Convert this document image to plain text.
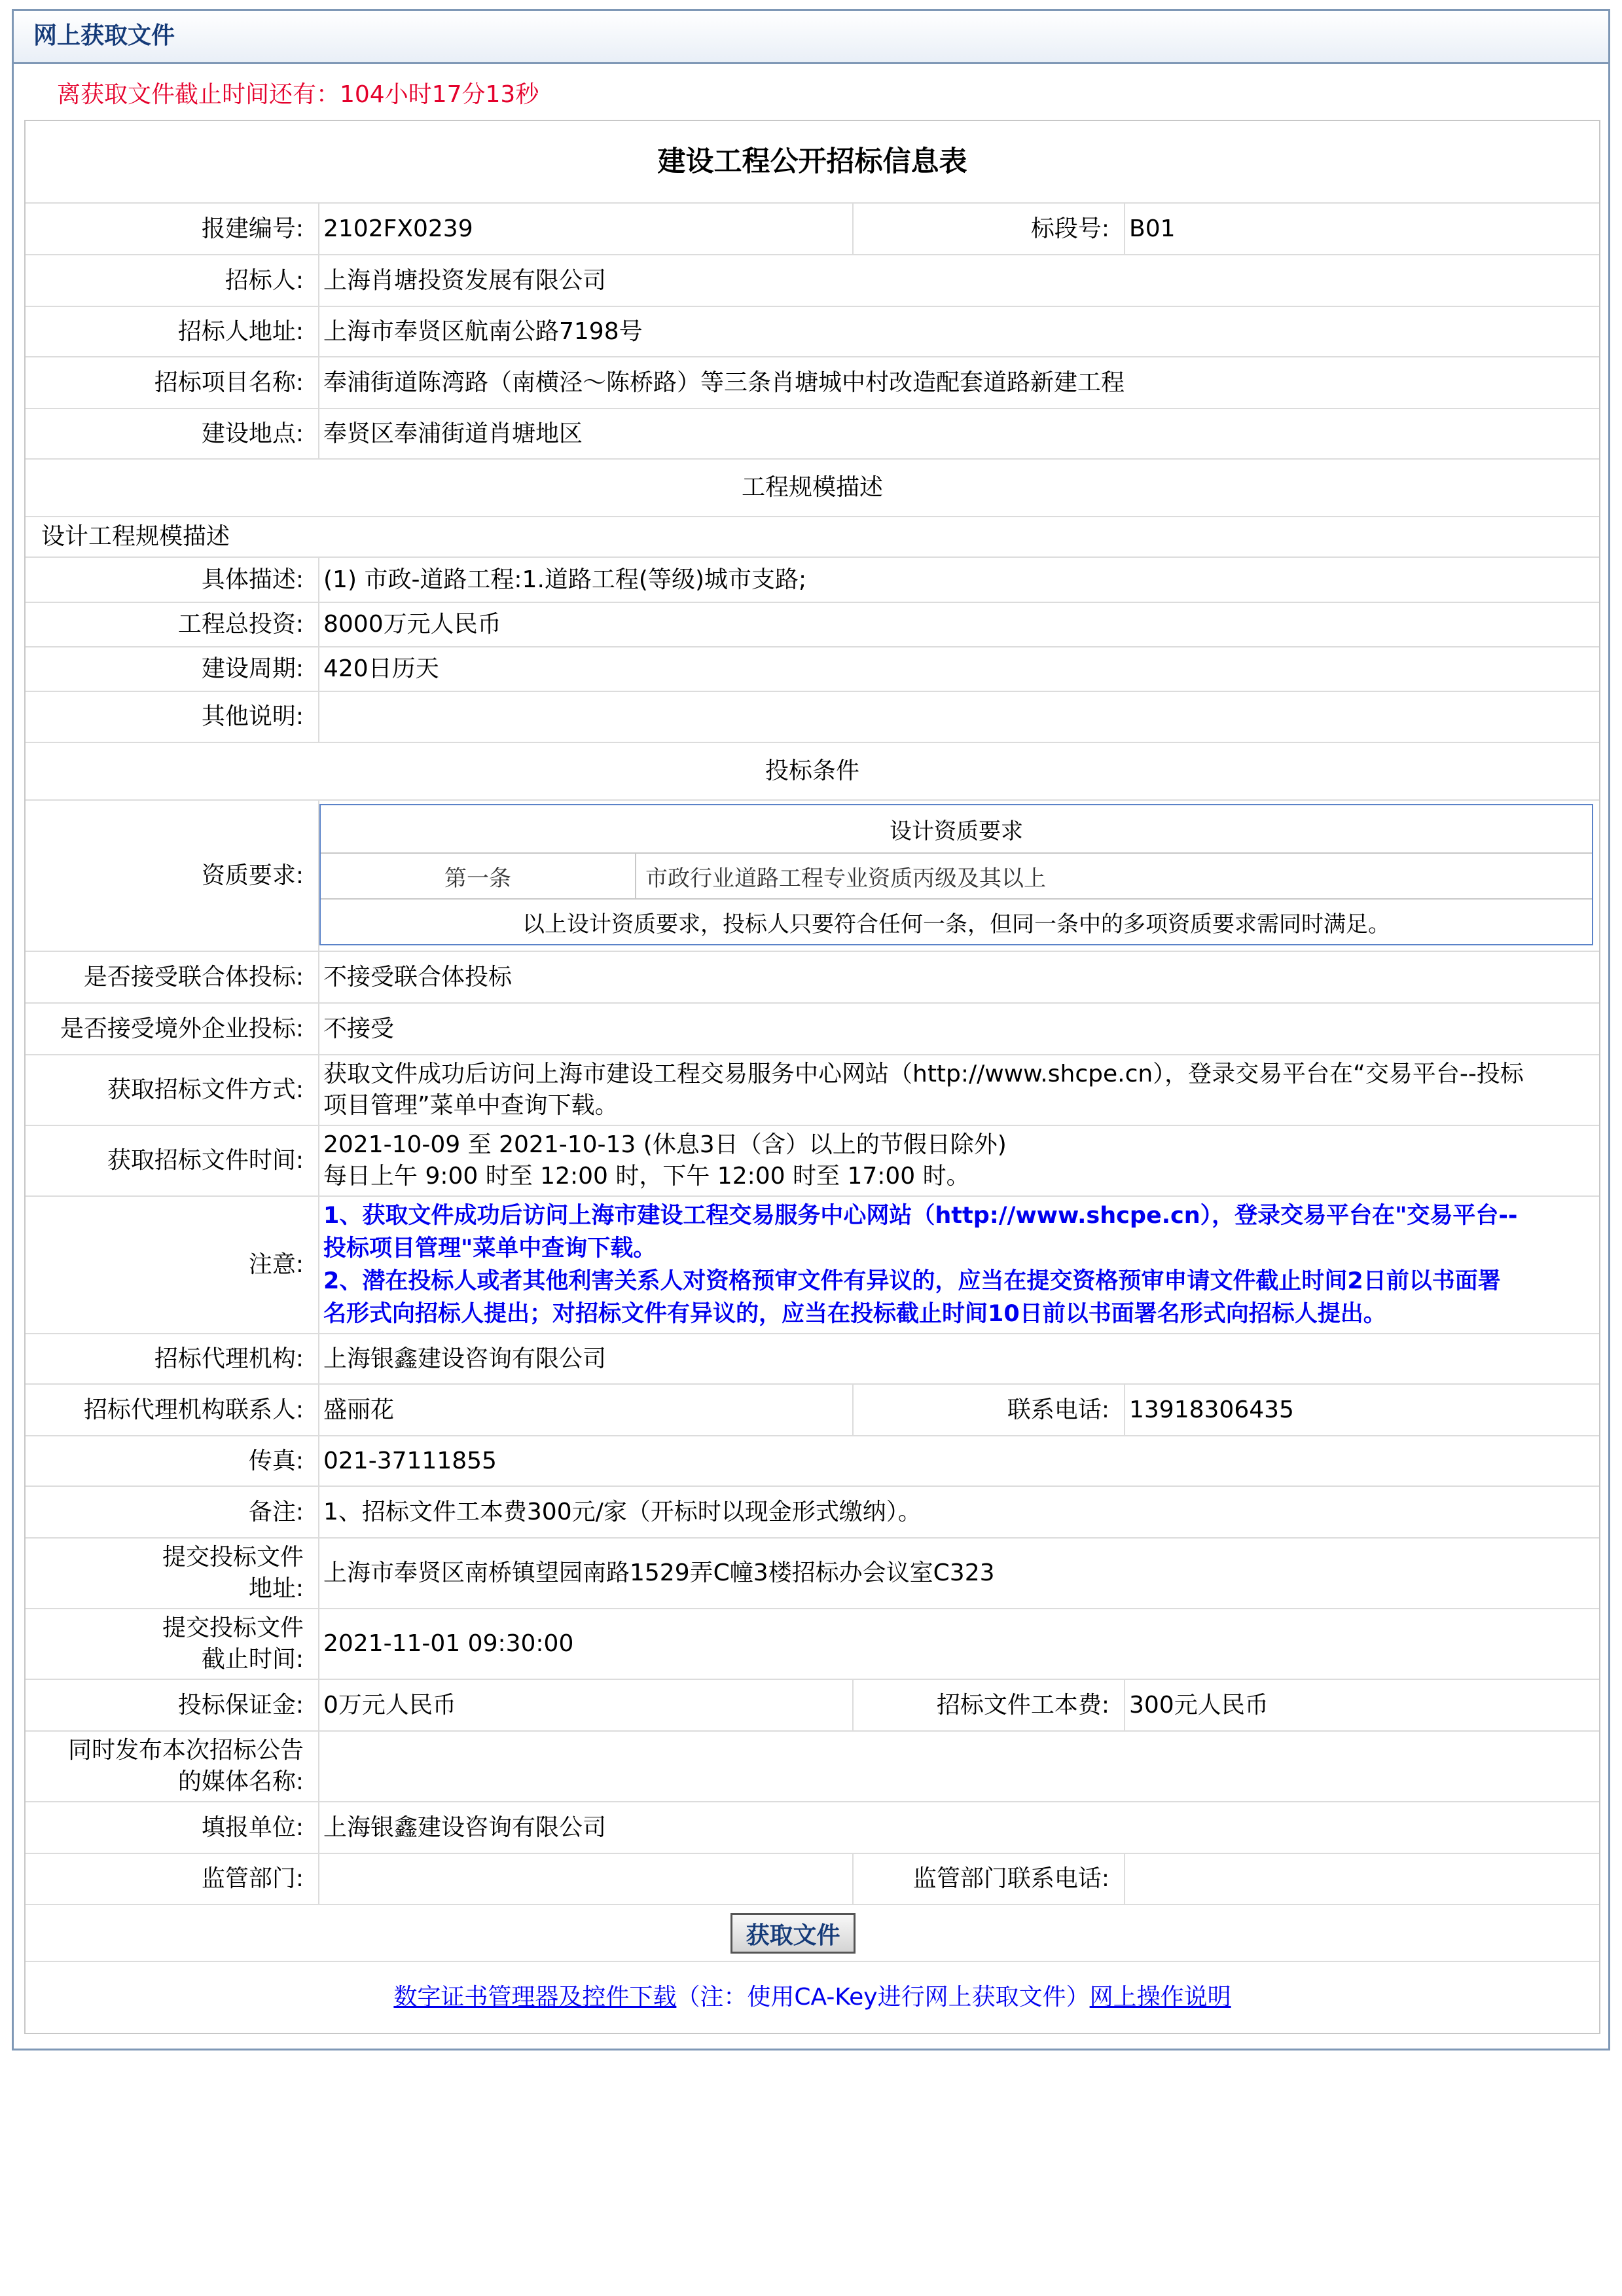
网上获取文件
离获取文件截止时间还有：104小时17分13秒
建设工程公开招标信息表
报建编号: 2102FX0239	标段号: B01
招标人: 上海肖塘投资发展有限公司
招标人地址: 上海市奉贤区航南公路7198号
招标项目名称: 奉浦街道陈湾路（南横泾～陈桥路）等三条肖塘城中村改造配套道路新建工程
建设地点: 奉贤区奉浦街道肖塘地区
工程规模描述
设计工程规模描述
具体描述: (1) 市政-道路工程:1.道路工程(等级)城市支路;
工程总投资: 8000万元人民币
建设周期: 420日历天
其他说明:
投标条件
资质要求:
设计资质要求
第一条	市政行业道路工程专业资质丙级及其以上
以上设计资质要求，投标人只要符合任何一条，但同一条中的多项资质要求需同时满足。
是否接受联合体投标: 不接受联合体投标
是否接受境外企业投标: 不接受
获取招标文件方式:
获取文件成功后访问上海市建设工程交易服务中心网站（http://www.shcpe.cn），登录交易平台在“交易平台--投标
项目管理”菜单中查询下载。
获取招标文件时间:
2021-10-09 至 2021-10-13 (休息3日（含）以上的节假日除外)
每日上午 9:00 时至 12:00 时，下午 12:00 时至 17:00 时。
注意:
1、获取文件成功后访问上海市建设工程交易服务中心网站（http://www.shcpe.cn），登录交易平台在"交易平台--
投标项目管理"菜单中查询下载。
2、潜在投标人或者其他利害关系人对资格预审文件有异议的，应当在提交资格预审申请文件截止时间2日前以书面署
名形式向招标人提出；对招标文件有异议的，应当在投标截止时间10日前以书面署名形式向招标人提出。
招标代理机构: 上海银鑫建设咨询有限公司
招标代理机构联系人: 盛丽花	联系电话: 13918306435
传真: 021-37111855
备注: 1、招标文件工本费300元/家（开标时以现金形式缴纳）。
提交投标文件
地址:
上海市奉贤区南桥镇望园南路1529弄C幢3楼招标办会议室C323
提交投标文件
截止时间:
2021-11-01 09:30:00
投标保证金: 0万元人民币	招标文件工本费: 300元人民币
同时发布本次招标公告
的媒体名称:
填报单位: 上海银鑫建设咨询有限公司
监管部门:	监管部门联系电话:
获取文件
数字证书管理器及控件下载 （注：使用CA-Key进行网上获取文件） 网上操作说明
